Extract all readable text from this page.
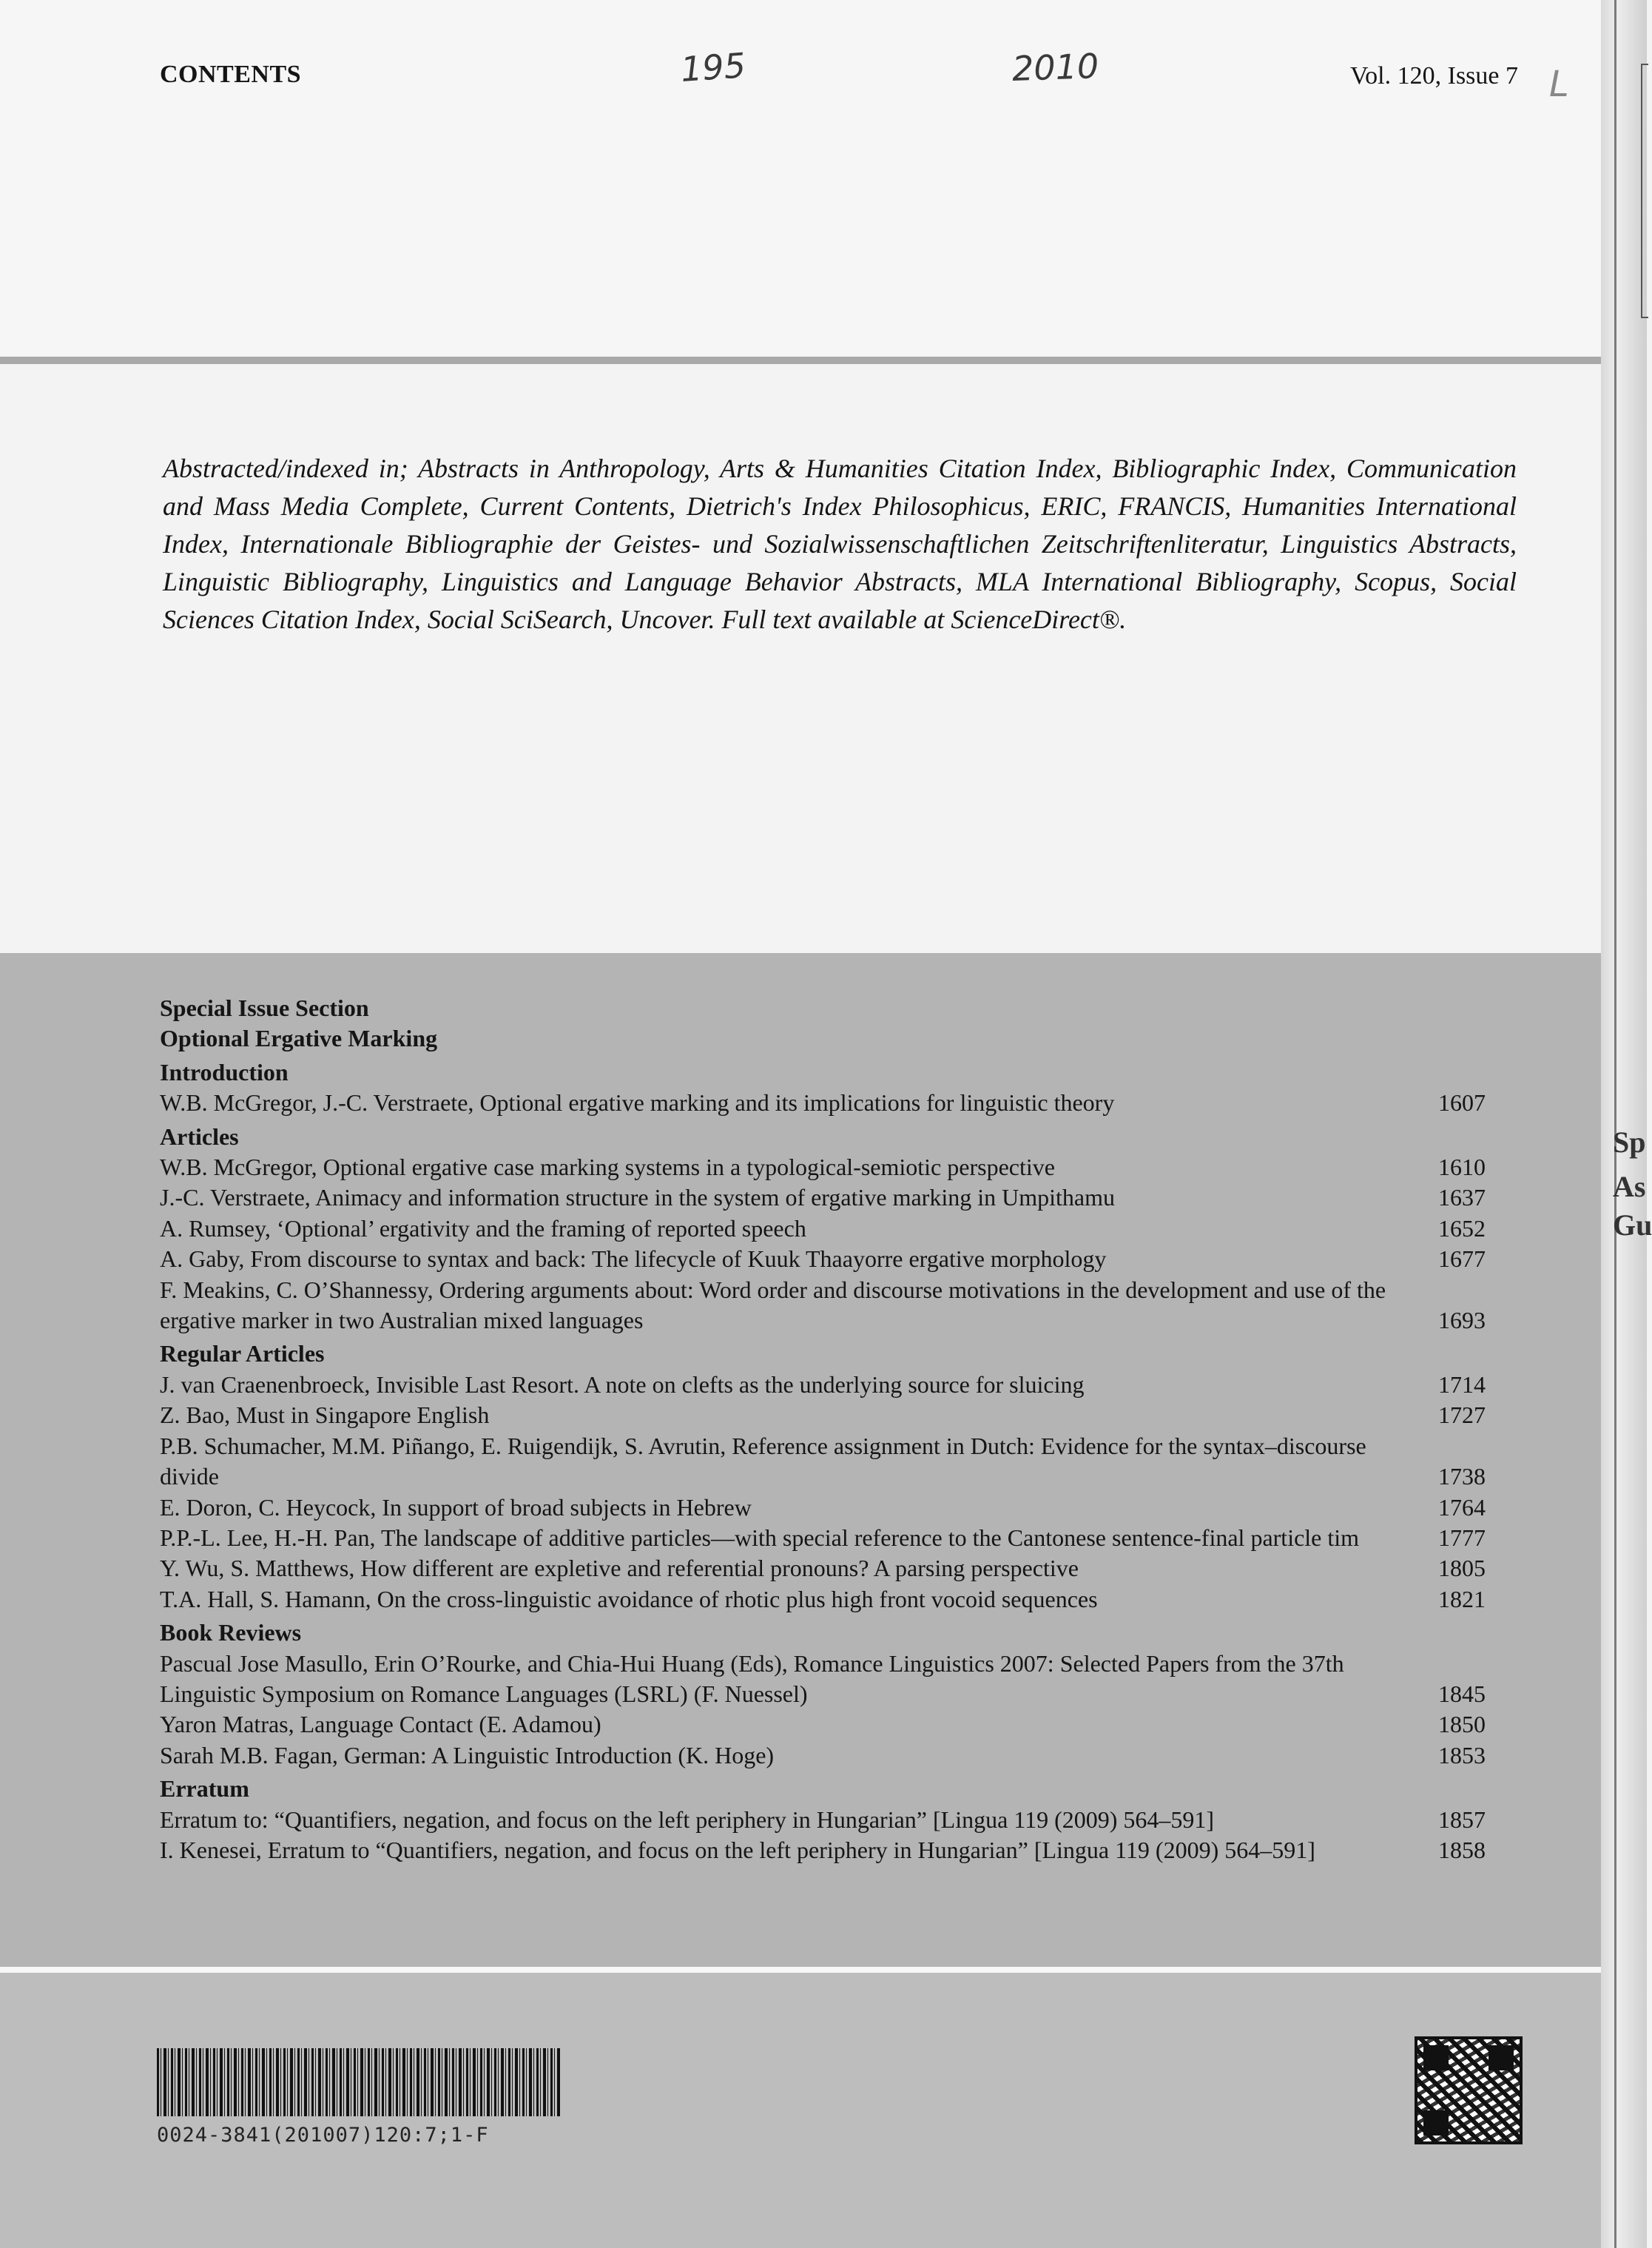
CONTENTS	195	2010	Vol. 120, Issue 7 L

Abstracted/indexed in; Abstracts in Anthropology, Arts & Humanities Citation Index, Bibliographic Index, Communication and Mass Media Complete, Current Contents, Dietrich's Index Philosophicus, ERIC, FRANCIS, Humanities International Index, Internationale Bibliographie der Geistes- und Sozialwissenschaftlichen Zeitschriftenliteratur, Linguistics Abstracts, Linguistic Bibliography, Linguistics and Language Behavior Abstracts, MLA International Bibliography, Scopus, Social Sciences Citation Index, Social SciSearch, Uncover. Full text available at ScienceDirect®.

Special Issue Section
Optional Ergative Marking
Introduction
W.B. McGregor, J.-C. Verstraete, Optional ergative marking and its implications for linguistic theory	1607
Articles
W.B. McGregor, Optional ergative case marking systems in a typological-semiotic perspective	1610
J.-C. Verstraete, Animacy and information structure in the system of ergative marking in Umpithamu	1637
A. Rumsey, ‘Optional’ ergativity and the framing of reported speech	1652
A. Gaby, From discourse to syntax and back: The lifecycle of Kuuk Thaayorre ergative morphology	1677
F. Meakins, C. O’Shannessy, Ordering arguments about: Word order and discourse motivations in the development and use of the ergative marker in two Australian mixed languages	1693
Regular Articles
J. van Craenenbroeck, Invisible Last Resort. A note on clefts as the underlying source for sluicing	1714
Z. Bao, Must in Singapore English	1727
P.B. Schumacher, M.M. Piñango, E. Ruigendijk, S. Avrutin, Reference assignment in Dutch: Evidence for the syntax–discourse divide	1738
E. Doron, C. Heycock, In support of broad subjects in Hebrew	1764
P.P.-L. Lee, H.-H. Pan, The landscape of additive particles—with special reference to the Cantonese sentence-final particle tim	1777
Y. Wu, S. Matthews, How different are expletive and referential pronouns? A parsing perspective	1805
T.A. Hall, S. Hamann, On the cross-linguistic avoidance of rhotic plus high front vocoid sequences	1821
Book Reviews
Pascual Jose Masullo, Erin O’Rourke, and Chia-Hui Huang (Eds), Romance Linguistics 2007: Selected Papers from the 37th Linguistic Symposium on Romance Languages (LSRL) (F. Nuessel)	1845
Yaron Matras, Language Contact (E. Adamou)	1850
Sarah M.B. Fagan, German: A Linguistic Introduction (K. Hoge)	1853
Erratum
Erratum to: “Quantifiers, negation, and focus on the left periphery in Hungarian” [Lingua 119 (2009) 564–591]	1857
I. Kenesei, Erratum to “Quantifiers, negation, and focus on the left periphery in Hungarian” [Lingua 119 (2009) 564–591]	1858
0024-3841(201007)120:7;1-F
Sp
As
Gu
